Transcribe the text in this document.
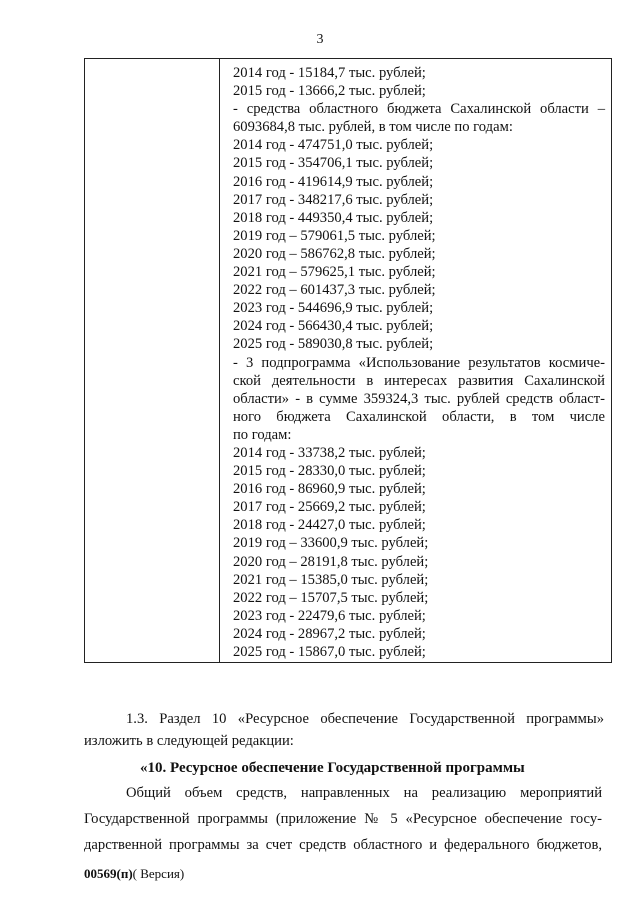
3
2014 год - 15184,7 тыс. рублей;
2015 год - 13666,2 тыс. рублей;
- средства областного бюджета Сахалинской области –
6093684,8 тыс. рублей, в том числе по годам:
2014 год - 474751,0 тыс. рублей;
2015 год - 354706,1 тыс. рублей;
2016 год - 419614,9 тыс. рублей;
2017 год - 348217,6 тыс. рублей;
2018 год - 449350,4 тыс. рублей;
2019 год – 579061,5 тыс. рублей;
2020 год – 586762,8 тыс. рублей;
2021 год – 579625,1 тыс. рублей;
2022 год – 601437,3 тыс. рублей;
2023 год - 544696,9 тыс. рублей;
2024 год - 566430,4 тыс. рублей;
2025 год - 589030,8 тыс. рублей;
- 3 подпрограмма «Использование результатов космиче-
ской деятельности в интересах развития Сахалинской
области» - в сумме 359324,3 тыс. рублей средств област-
ного бюджета Сахалинской области, в том числе
по годам:
2014 год - 33738,2 тыс. рублей;
2015 год - 28330,0 тыс. рублей;
2016 год - 86960,9 тыс. рублей;
2017 год - 25669,2 тыс. рублей;
2018 год - 24427,0 тыс. рублей;
2019 год – 33600,9 тыс. рублей;
2020 год – 28191,8 тыс. рублей;
2021 год – 15385,0 тыс. рублей;
2022 год – 15707,5 тыс. рублей;
2023 год - 22479,6 тыс. рублей;
2024 год - 28967,2 тыс. рублей;
2025 год - 15867,0 тыс. рублей;
1.3. Раздел 10 «Ресурсное обеспечение Государственной программы»
изложить в следующей редакции:
«10. Ресурсное обеспечение Государственной программы
Общий объем средств, направленных на реализацию мероприятий
Государственной программы (приложение № 5 «Ресурсное обеспечение госу-
дарственной программы за счет средств областного и федерального бюджетов,
00569(п)( Версия)
